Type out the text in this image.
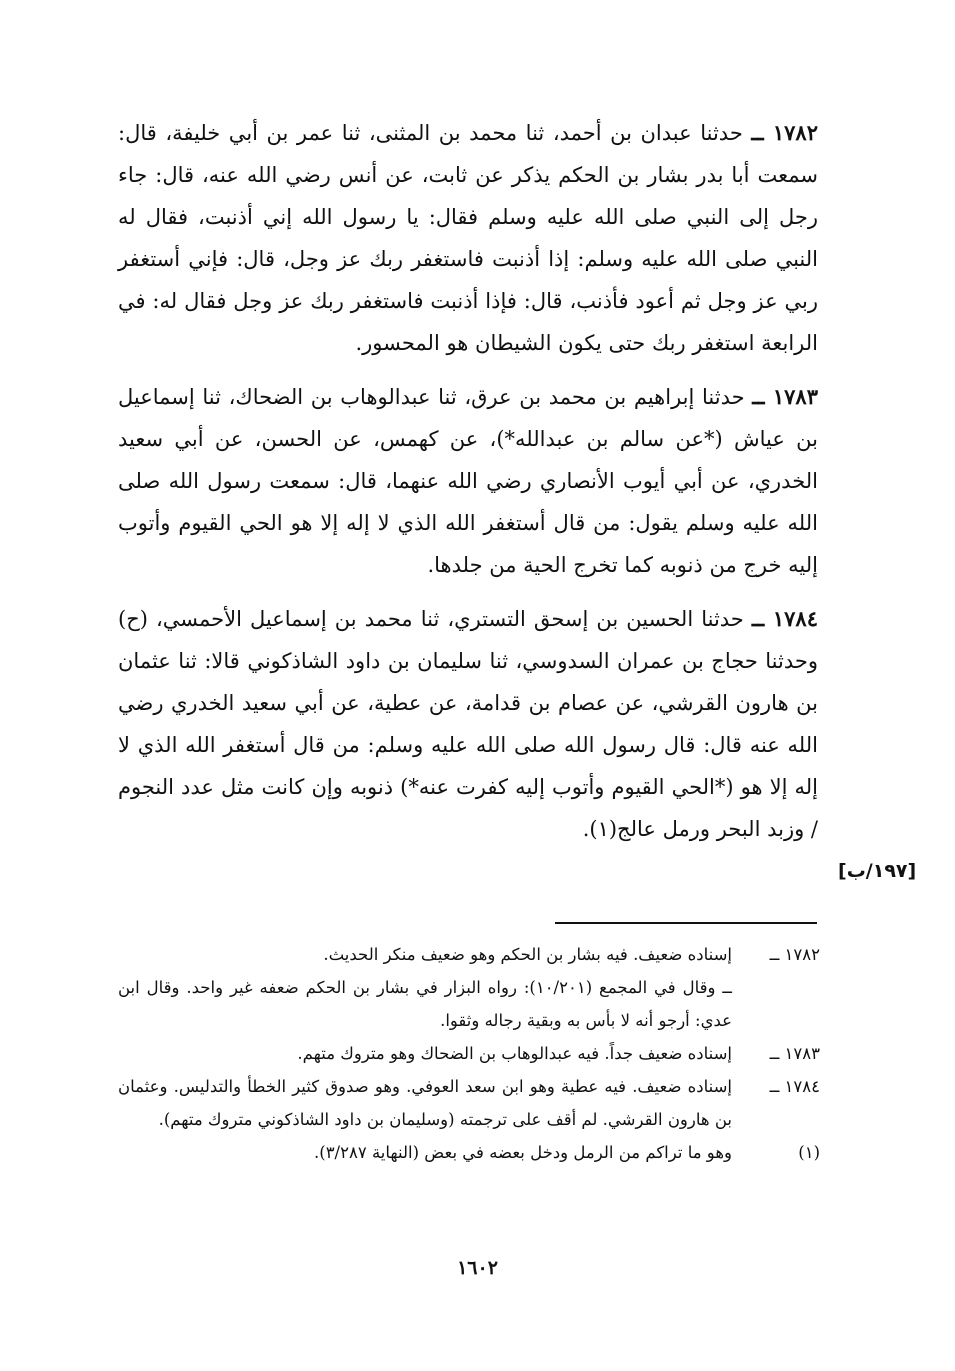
١٧٨٢ ــ حدثنا عبدان بن أحمد، ثنا محمد بن المثنى، ثنا عمر بن أبي خليفة، قال: سمعت أبا بدر بشار بن الحكم يذكر عن ثابت، عن أنس رضي الله عنه، قال: جاء رجل إلى النبي صلى الله عليه وسلم فقال: يا رسول الله إني أذنبت، فقال له النبي صلى الله عليه وسلم: إذا أذنبت فاستغفر ربك عز وجل، قال: فإني أستغفر ربي عز وجل ثم أعود فأذنب، قال: فإذا أذنبت فاستغفر ربك عز وجل فقال له: في الرابعة استغفر ربك حتى يكون الشيطان هو المحسور.

١٧٨٣ ــ حدثنا إبراهيم بن محمد بن عرق، ثنا عبدالوهاب بن الضحاك، ثنا إسماعيل بن عياش (*عن سالم بن عبدالله*)، عن كهمس، عن الحسن، عن أبي سعيد الخدري، عن أبي أيوب الأنصاري رضي الله عنهما، قال: سمعت رسول الله صلى الله عليه وسلم يقول: من قال أستغفر الله الذي لا إله إلا هو الحي القيوم وأتوب إليه خرج من ذنوبه كما تخرج الحية من جلدها.

١٧٨٤ ــ حدثنا الحسين بن إسحق التستري، ثنا محمد بن إسماعيل الأحمسي، (ح) وحدثنا حجاج بن عمران السدوسي، ثنا سليمان بن داود الشاذكوني قالا: ثنا عثمان بن هارون القرشي، عن عصام بن قدامة، عن عطية، عن أبي سعيد الخدري رضي الله عنه قال: قال رسول الله صلى الله عليه وسلم: من قال أستغفر الله الذي لا إله إلا هو (*الحي القيوم وأتوب إليه كفرت عنه*) ذنوبه وإن كانت مثل عدد النجوم / وزبد البحر ورمل عالج(١).

[١٩٧/ب]
١٧٨٢ ــ
إسناده ضعيف. فيه بشار بن الحكم وهو ضعيف منكر الحديث.
ــ وقال في المجمع (١٠/٢٠١): رواه البزار في بشار بن الحكم ضعفه غير واحد. وقال ابن عدي: أرجو أنه لا بأس به وبقية رجاله وثقوا.
١٧٨٣ ــ
إسناده ضعيف جداً. فيه عبدالوهاب بن الضحاك وهو متروك متهم.
١٧٨٤ ــ
إسناده ضعيف. فيه عطية وهو ابن سعد العوفي. وهو صدوق كثير الخطأ والتدليس. وعثمان بن هارون القرشي. لم أقف على ترجمته (وسليمان بن داود الشاذكوني متروك متهم).
(١)
وهو ما تراكم من الرمل ودخل بعضه في بعض (النهاية ٣/٢٨٧).
١٦٠٢
